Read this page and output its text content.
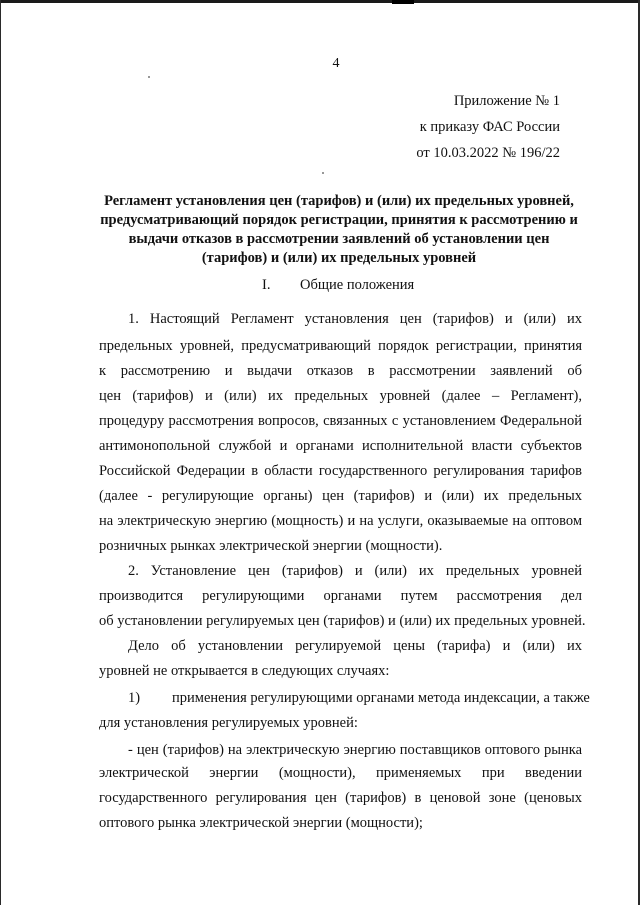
4
Приложение № 1
к приказу ФАС России
от 10.03.2022 № 196/22
Регламент установления цен (тарифов) и (или) их предельных уровней,
предусматривающий порядок регистрации, принятия к рассмотрению и
выдачи отказов в рассмотрении заявлений об установлении цен
(тарифов) и (или) их предельных уровней
I. Общие положения
1. Настоящий Регламент установления цен (тарифов) и (или) их
предельных уровней, предусматривающий порядок регистрации, принятия
к рассмотрению и выдачи отказов в рассмотрении заявлений об
цен (тарифов) и (или) их предельных уровней (далее – Регламент),
процедуру рассмотрения вопросов, связанных с установлением Федеральной
антимонопольной службой и органами исполнительной власти субъектов
Российской Федерации в области государственного регулирования тарифов
(далее - регулирующие органы) цен (тарифов) и (или) их предельных
на электрическую энергию (мощность) и на услуги, оказываемые на оптовом
розничных рынках электрической энергии (мощности).
2. Установление цен (тарифов) и (или) их предельных уровней
производится регулирующими органами путем рассмотрения дел
об установлении регулируемых цен (тарифов) и (или) их предельных уровней.
Дело об установлении регулируемой цены (тарифа) и (или) их
уровней не открывается в следующих случаях:
1) применения регулирующими органами метода индексации, а также
для установления регулируемых уровней:
- цен (тарифов) на электрическую энергию поставщиков оптового рынка
электрической энергии (мощности), применяемых при введении
государственного регулирования цен (тарифов) в ценовой зоне (ценовых
оптового рынка электрической энергии (мощности);
